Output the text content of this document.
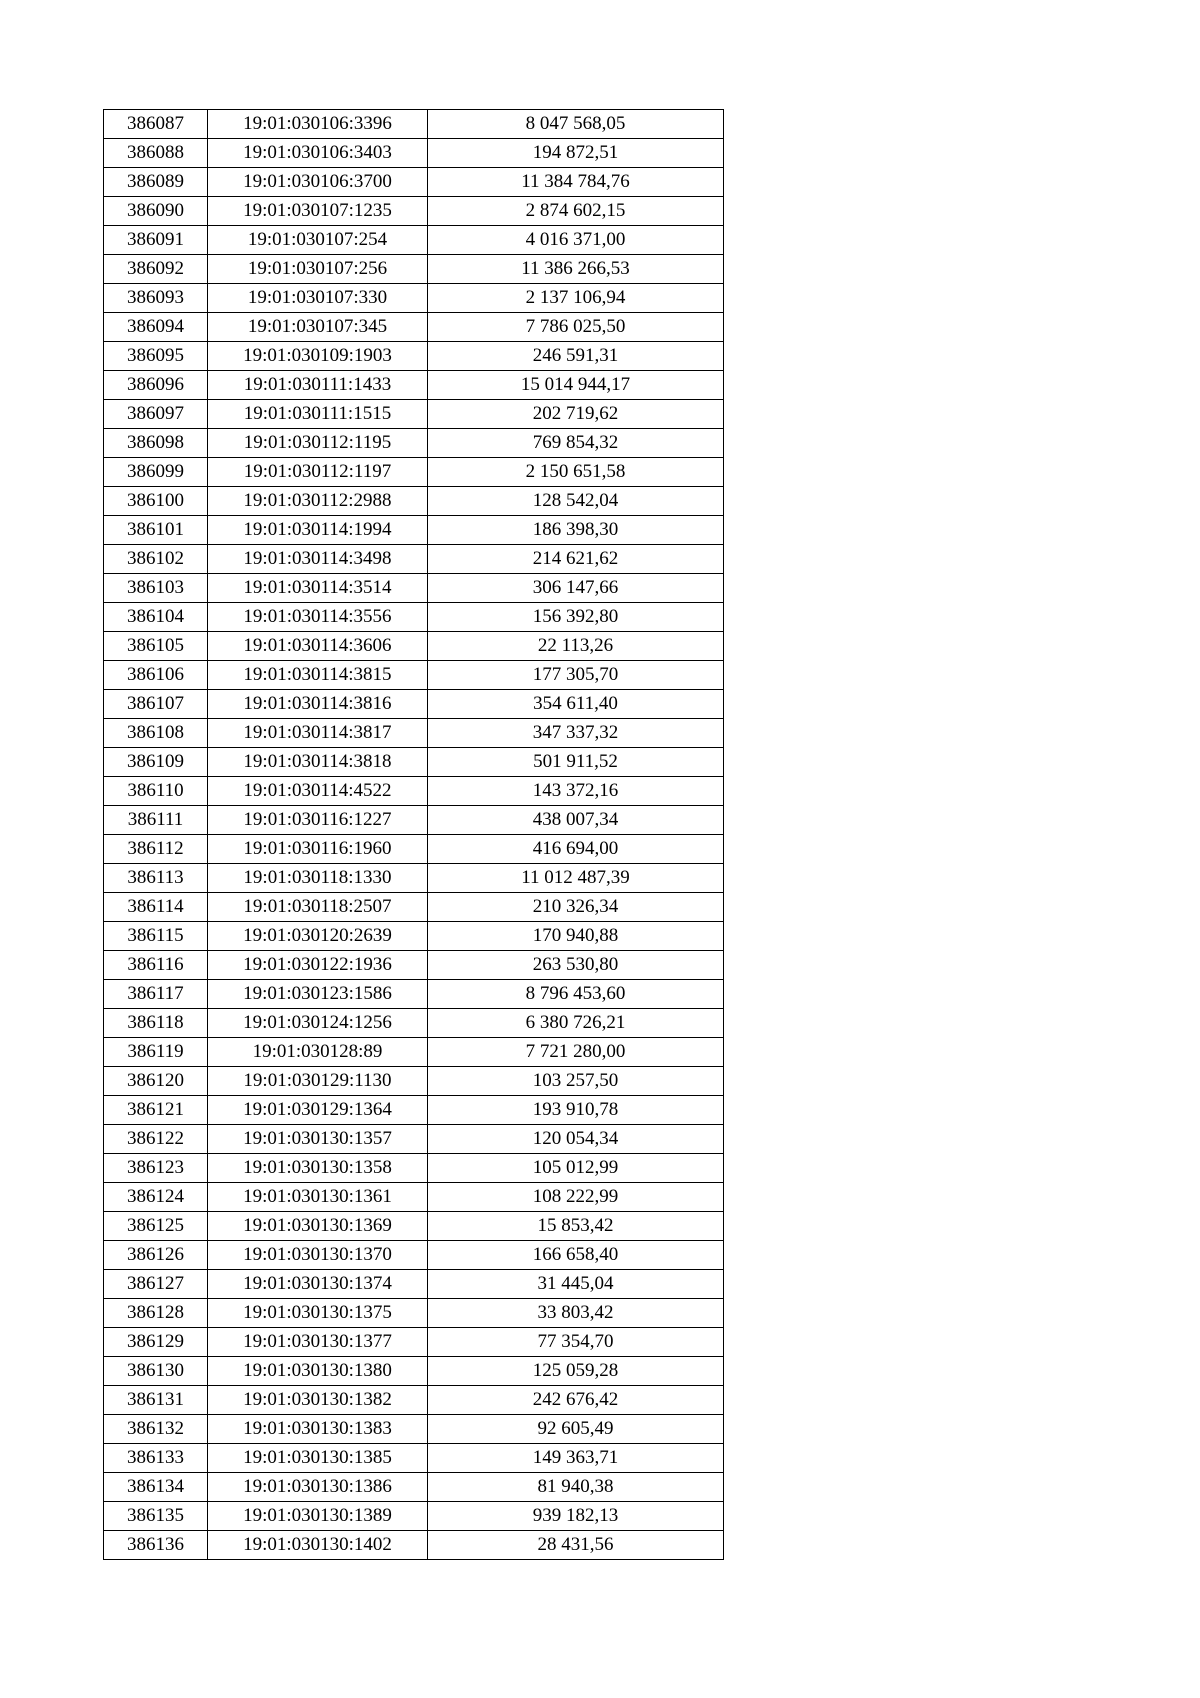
386087	19:01:030106:3396	8 047 568,05
386088	19:01:030106:3403	194 872,51
386089	19:01:030106:3700	11 384 784,76
386090	19:01:030107:1235	2 874 602,15
386091	19:01:030107:254	4 016 371,00
386092	19:01:030107:256	11 386 266,53
386093	19:01:030107:330	2 137 106,94
386094	19:01:030107:345	7 786 025,50
386095	19:01:030109:1903	246 591,31
386096	19:01:030111:1433	15 014 944,17
386097	19:01:030111:1515	202 719,62
386098	19:01:030112:1195	769 854,32
386099	19:01:030112:1197	2 150 651,58
386100	19:01:030112:2988	128 542,04
386101	19:01:030114:1994	186 398,30
386102	19:01:030114:3498	214 621,62
386103	19:01:030114:3514	306 147,66
386104	19:01:030114:3556	156 392,80
386105	19:01:030114:3606	22 113,26
386106	19:01:030114:3815	177 305,70
386107	19:01:030114:3816	354 611,40
386108	19:01:030114:3817	347 337,32
386109	19:01:030114:3818	501 911,52
386110	19:01:030114:4522	143 372,16
386111	19:01:030116:1227	438 007,34
386112	19:01:030116:1960	416 694,00
386113	19:01:030118:1330	11 012 487,39
386114	19:01:030118:2507	210 326,34
386115	19:01:030120:2639	170 940,88
386116	19:01:030122:1936	263 530,80
386117	19:01:030123:1586	8 796 453,60
386118	19:01:030124:1256	6 380 726,21
386119	19:01:030128:89	7 721 280,00
386120	19:01:030129:1130	103 257,50
386121	19:01:030129:1364	193 910,78
386122	19:01:030130:1357	120 054,34
386123	19:01:030130:1358	105 012,99
386124	19:01:030130:1361	108 222,99
386125	19:01:030130:1369	15 853,42
386126	19:01:030130:1370	166 658,40
386127	19:01:030130:1374	31 445,04
386128	19:01:030130:1375	33 803,42
386129	19:01:030130:1377	77 354,70
386130	19:01:030130:1380	125 059,28
386131	19:01:030130:1382	242 676,42
386132	19:01:030130:1383	92 605,49
386133	19:01:030130:1385	149 363,71
386134	19:01:030130:1386	81 940,38
386135	19:01:030130:1389	939 182,13
386136	19:01:030130:1402	28 431,56
